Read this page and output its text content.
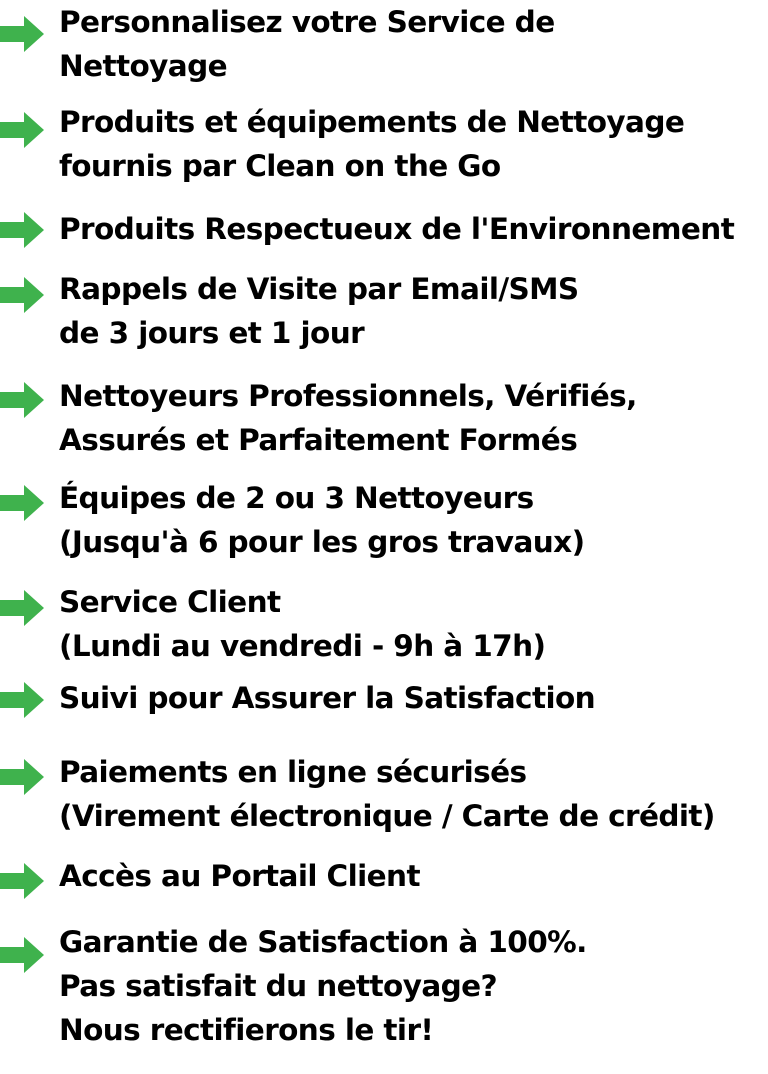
Personnalisez votre Service de
Nettoyage
Produits et équipements de Nettoyage
fournis par Clean on the Go
Produits Respectueux de l'Environnement
Rappels de Visite par Email/SMS
de 3 jours et 1 jour
Nettoyeurs Professionnels, Vérifiés,
Assurés et Parfaitement Formés
Équipes de 2 ou 3 Nettoyeurs
(Jusqu'à 6 pour les gros travaux)
Service Client
(Lundi au vendredi - 9h à 17h)
Suivi pour Assurer la Satisfaction
Paiements en ligne sécurisés
(Virement électronique / Carte de crédit)
Accès au Portail Client
Garantie de Satisfaction à 100%.
Pas satisfait du nettoyage?
Nous rectifierons le tir!
